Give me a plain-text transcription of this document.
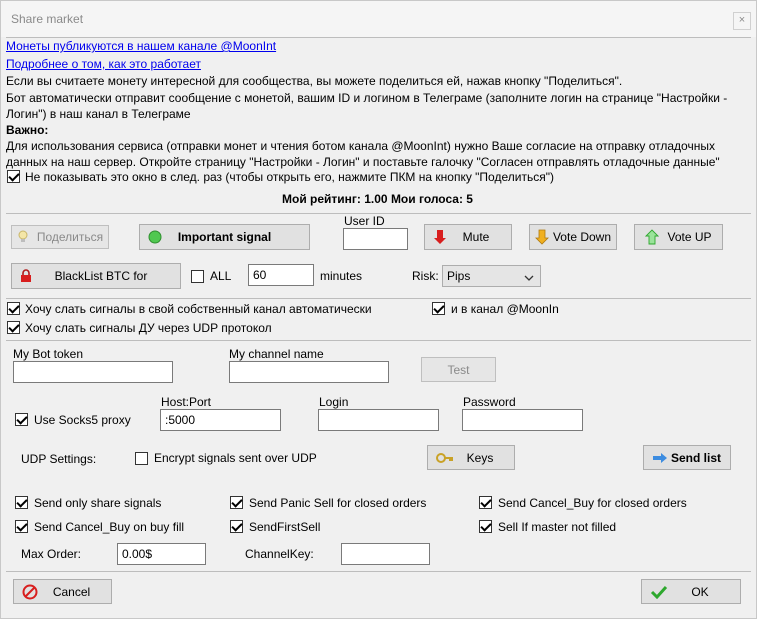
Share market	×
Монеты публикуются в нашем канале @MoonInt
Подробнее о том, как это работает
Если вы считаете монету интересной для сообщества, вы можете поделиться ей, нажав кнопку "Поделиться".
Бот автоматически отправит сообщение с монетой, вашим ID и логином в Телеграме (заполните логин на странице "Настройки -
Логин") в наш канал в Телеграме
Важно:
Для использования сервиса (отправки монет и чтения ботом канала @MoonInt) нужно Ваше согласие на отправку отладочных
данных на наш сервер. Откройте страницу "Настройки - Логин" и поставьте галочку "Согласен отправлять отладочные данные"
Не показывать это окно в след. раз (чтобы открыть его, нажмите ПКМ на кнопку "Поделиться")
Мой рейтинг: 1.00 Мои голоса: 5
Поделиться	Important signal
User ID
Mute	Vote Down	Vote UP
BlackList BTC for	ALL	60	minutes	Risk: Pips
Хочу слать сигналы в свой собственный канал автоматически	и в канал @MoonIn
Хочу слать сигналы ДУ через UDP протокол
My Bot token	My channel name
Test
Host:Port
:5000
Login	Password
Use Socks5 proxy
UDP Settings:	Encrypt signals sent over UDP	Keys	Send list
Send only share signals	Send Panic Sell for closed orders	Send Cancel_Buy for closed orders
Send Cancel_Buy on buy fill	SendFirstSell	Sell If master not filled
Max Order:	0.00$	ChannelKey:
Cancel	OK
